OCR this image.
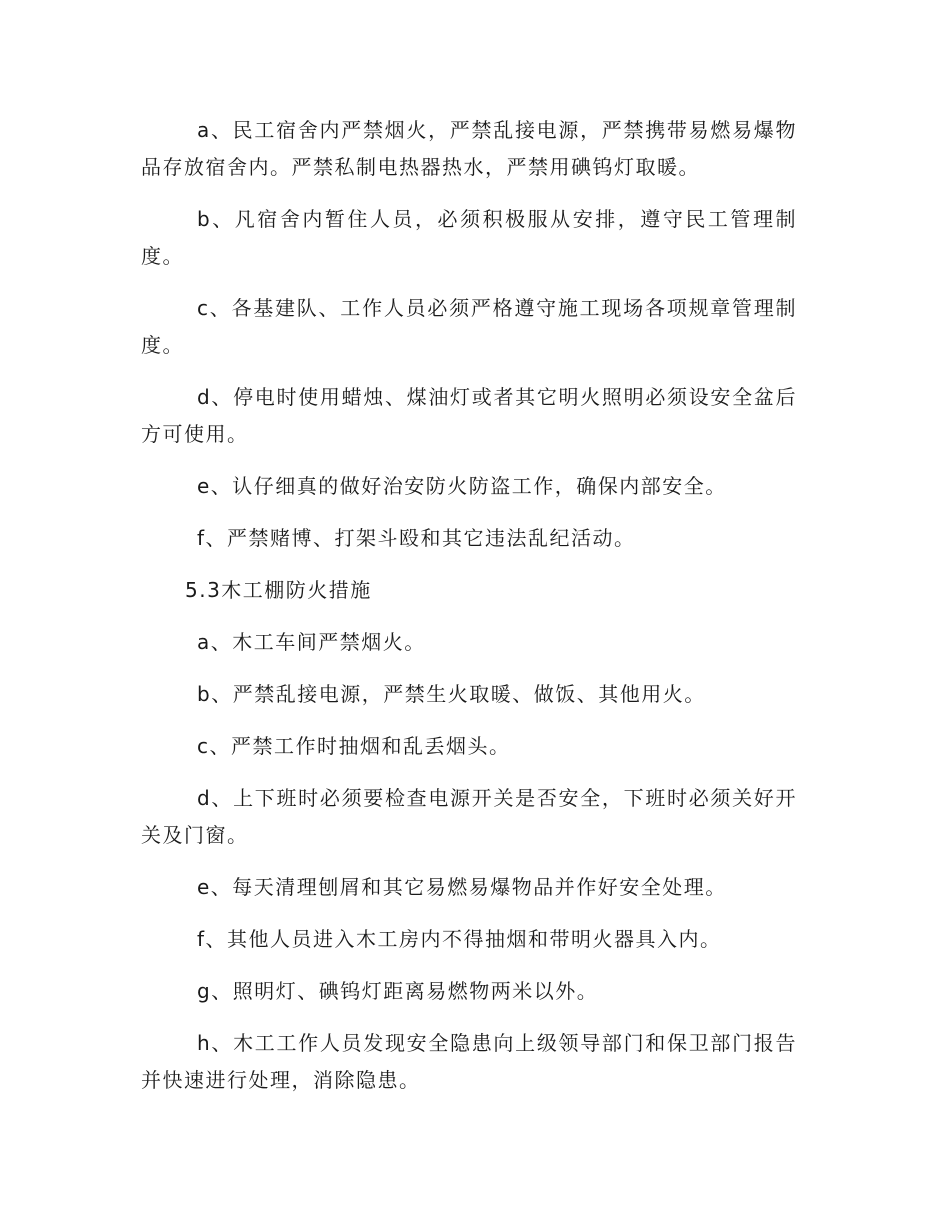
a、民工宿舍内严禁烟火，严禁乱接电源，严禁携带易燃易爆物品存放宿舍内。严禁私制电热器热水，严禁用碘钨灯取暖。

b、凡宿舍内暂住人员，必须积极服从安排，遵守民工管理制度。

c、各基建队、工作人员必须严格遵守施工现场各项规章管理制度。

d、停电时使用蜡烛、煤油灯或者其它明火照明必须设安全盆后方可使用。

e、认仔细真的做好治安防火防盗工作，确保内部安全。

f、严禁赌博、打架斗殴和其它违法乱纪活动。

5.3木工棚防火措施

a、木工车间严禁烟火。

b、严禁乱接电源，严禁生火取暖、做饭、其他用火。

c、严禁工作时抽烟和乱丢烟头。

d、上下班时必须要检查电源开关是否安全，下班时必须关好开关及门窗。

e、每天清理刨屑和其它易燃易爆物品并作好安全处理。

f、其他人员进入木工房内不得抽烟和带明火器具入内。

g、照明灯、碘钨灯距离易燃物两米以外。

h、木工工作人员发现安全隐患向上级领导部门和保卫部门报告并快速进行处理，消除隐患。
